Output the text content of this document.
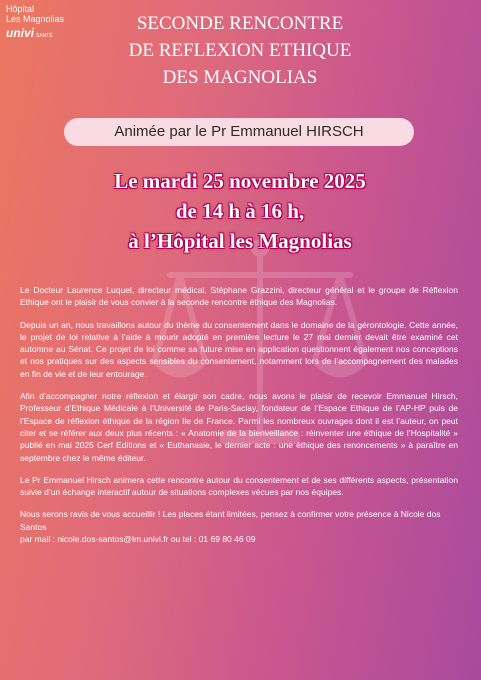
Hôpital
Les Magnolias
univi SANTÉ
SECONDE RENCONTRE
DE REFLEXION ETHIQUE
DES MAGNOLIAS
Animée par le Pr Emmanuel HIRSCH
Le mardi 25 novembre 2025
de 14 h à 16 h,
à l’Hôpital les Magnolias

Le Docteur Laurence Luquel, directeur médical, Stéphane Grazzini, directeur général et le groupe de Réflexion Ethique ont le plaisir de vous convier à la seconde rencontre éthique des Magnolias.

Depuis un an, nous travaillons autour du thème du consentement dans le domaine de la gérontologie. Cette année, le projet de loi relative à l’aide à mourir adopté en première lecture le 27 mai dernier devait être examiné cet automne au Sénat. Ce projet de loi comme sa future mise en application questionnent également nos conceptions et nos pratiques sur des aspects sensibles du consentement, notamment lors de l’accompagnement des malades en fin de vie et de leur entourage.

Afin d’accompagner notre réflexion et élargir son cadre, nous avons le plaisir de recevoir Emmanuel Hirsch, Professeur d’Ethique Médicale à l’Université de Paris-Saclay, fondateur de l’Espace Ethique de l’AP-HP puis de l’Espace de réflexion éthique de la région Ile de France. Parmi les nombreux ouvrages dont il est l’auteur, on peut citer et se référer aux deux plus récents : « Anatomie de la bienveillance : réinventer une éthique de l’Hospitalité » publié en mai 2025 Cerf Editions et « Euthanasie, le dernier acte : une éthique des renoncements » à paraître en septembre chez le même éditeur.

Le Pr Emmanuel Hirsch animera cette rencontre autour du consentement et de ses différents aspects, présentation suivie d’un échange interactif autour de situations complexes vécues par nos équipes.

Nous serons ravis de vous accueillir ! Les places étant limitées, pensez à confirmer votre présence à Nicole dos Santos

par mail : nicole.dos-santos@lm.univi.fr ou tel : 01 69 80 46 09
